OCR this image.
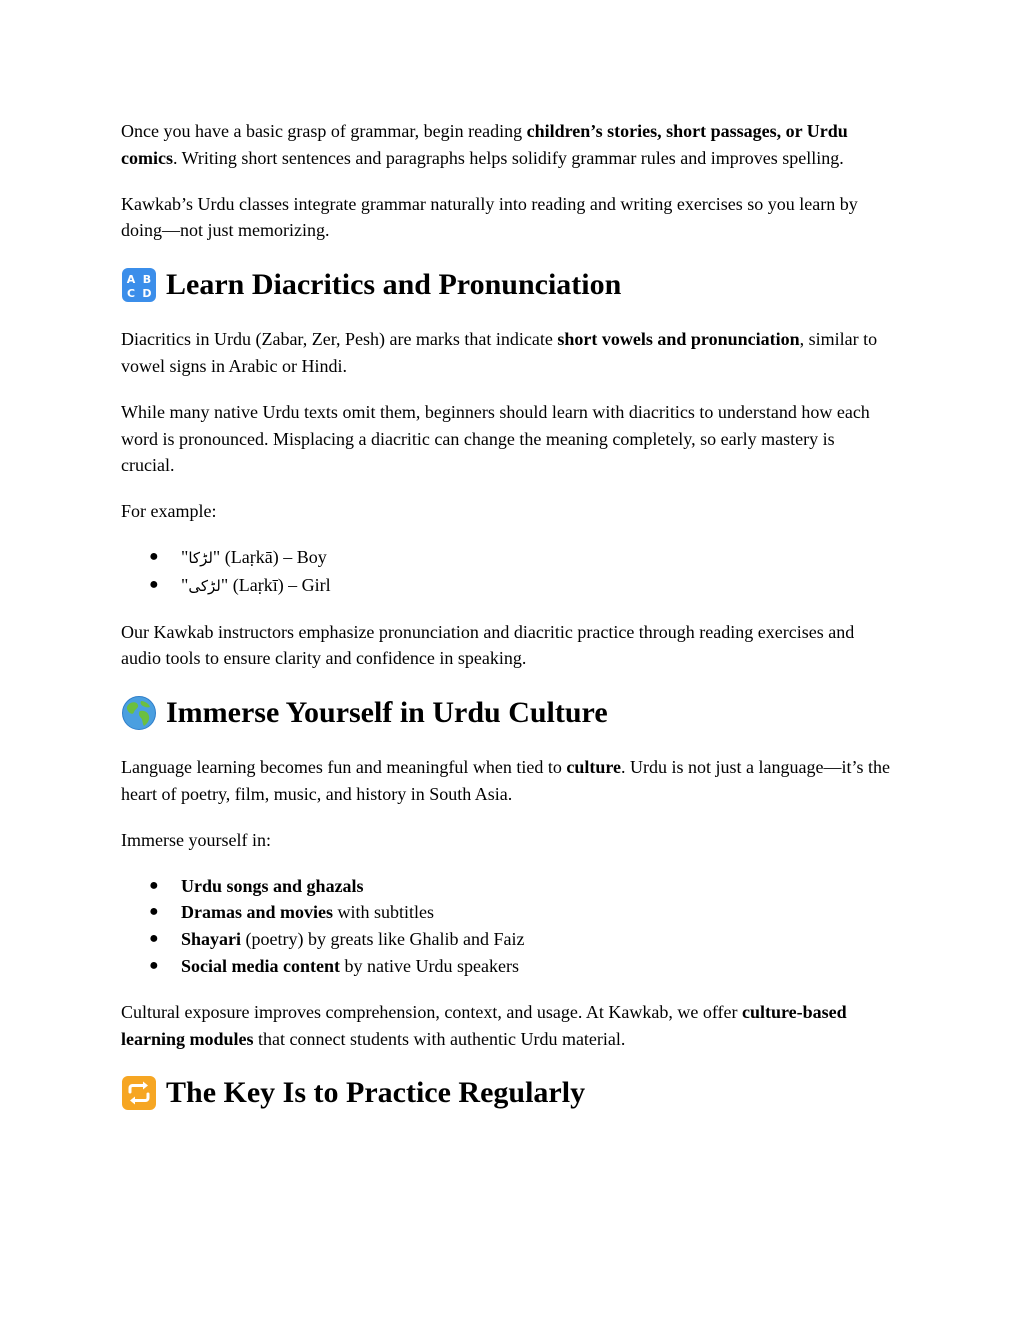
Once you have a basic grasp of grammar, begin reading children’s stories, short passages, or Urdu comics. Writing short sentences and paragraphs helps solidify grammar rules and improves spelling.

Kawkab’s Urdu classes integrate grammar naturally into reading and writing exercises so you learn by doing—not just memorizing.

A B
C D Learn Diacritics and Pronunciation

Diacritics in Urdu (Zabar, Zer, Pesh) are marks that indicate short vowels and pronunciation, similar to vowel signs in Arabic or Hindi.

While many native Urdu texts omit them, beginners should learn with diacritics to understand how each word is pronounced. Misplacing a diacritic can change the meaning completely, so early mastery is crucial.

For example:

● "لڑکا" (Laṛkā) – Boy
● "لڑکی" (Laṛkī) – Girl

Our Kawkab instructors emphasize pronunciation and diacritic practice through reading exercises and audio tools to ensure clarity and confidence in speaking.

Immerse Yourself in Urdu Culture

Language learning becomes fun and meaningful when tied to culture. Urdu is not just a language—it’s the heart of poetry, film, music, and history in South Asia.

Immerse yourself in:

● Urdu songs and ghazals
● Dramas and movies with subtitles
● Shayari (poetry) by greats like Ghalib and Faiz
● Social media content by native Urdu speakers

Cultural exposure improves comprehension, context, and usage. At Kawkab, we offer culture-based learning modules that connect students with authentic Urdu material.

The Key Is to Practice Regularly
